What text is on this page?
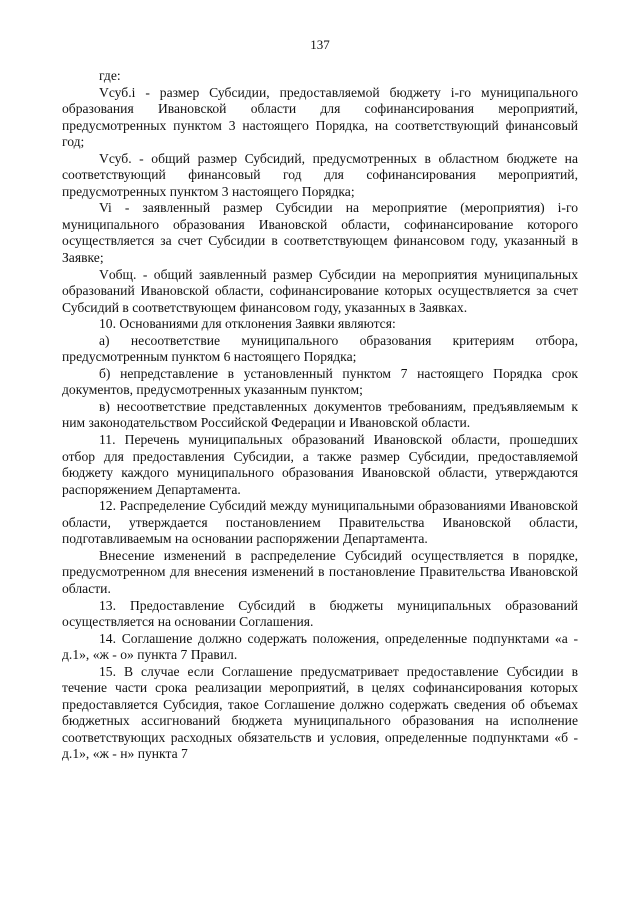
137

где:

Vсуб.i - размер Субсидии, предоставляемой бюджету i-го муниципального образования Ивановской области для софинансирования мероприятий, предусмотренных пунктом 3 настоящего Порядка, на соответствующий финансовый год;

Vсуб. - общий размер Субсидий, предусмотренных в областном бюджете на соответствующий финансовый год для софинансирования мероприятий, предусмотренных пунктом 3 настоящего Порядка;

Vi - заявленный размер Субсидии на мероприятие (мероприятия) i-го муниципального образования Ивановской области, софинансирование которого осуществляется за счет Субсидии в соответствующем финансовом году, указанный в Заявке;

Vобщ. - общий заявленный размер Субсидии на мероприятия муниципальных образований Ивановской области, софинансирование которых осуществляется за счет Субсидий в соответствующем финансовом году, указанных в Заявках.

10. Основаниями для отклонения Заявки являются:

а) несоответствие муниципального образования критериям отбора, предусмотренным пунктом 6 настоящего Порядка;

б) непредставление в установленный пунктом 7 настоящего Порядка срок документов, предусмотренных указанным пунктом;

в) несоответствие представленных документов требованиям, предъявляемым к ним законодательством Российской Федерации и Ивановской области.

11. Перечень муниципальных образований Ивановской области, прошедших отбор для предоставления Субсидии, а также размер Субсидии, предоставляемой бюджету каждого муниципального образования Ивановской области, утверждаются распоряжением Департамента.

12. Распределение Субсидий между муниципальными образованиями Ивановской области, утверждается постановлением Правительства Ивановской области, подготавливаемым на основании распоряжении Департамента.

Внесение изменений в распределение Субсидий осуществляется в порядке, предусмотренном для внесения изменений в постановление Правительства Ивановской области.

13. Предоставление Субсидий в бюджеты муниципальных образований осуществляется на основании Соглашения.

14. Соглашение должно содержать положения, определенные подпунктами «а - д.1», «ж - о» пункта 7 Правил.

15. В случае если Соглашение предусматривает предоставление Субсидии в течение части срока реализации мероприятий, в целях софинансирования которых предоставляется Субсидия, такое Соглашение должно содержать сведения об объемах бюджетных ассигнований бюджета муниципального образования на исполнение соответствующих расходных обязательств и условия, определенные подпунктами «б - д.1», «ж - н» пункта 7
